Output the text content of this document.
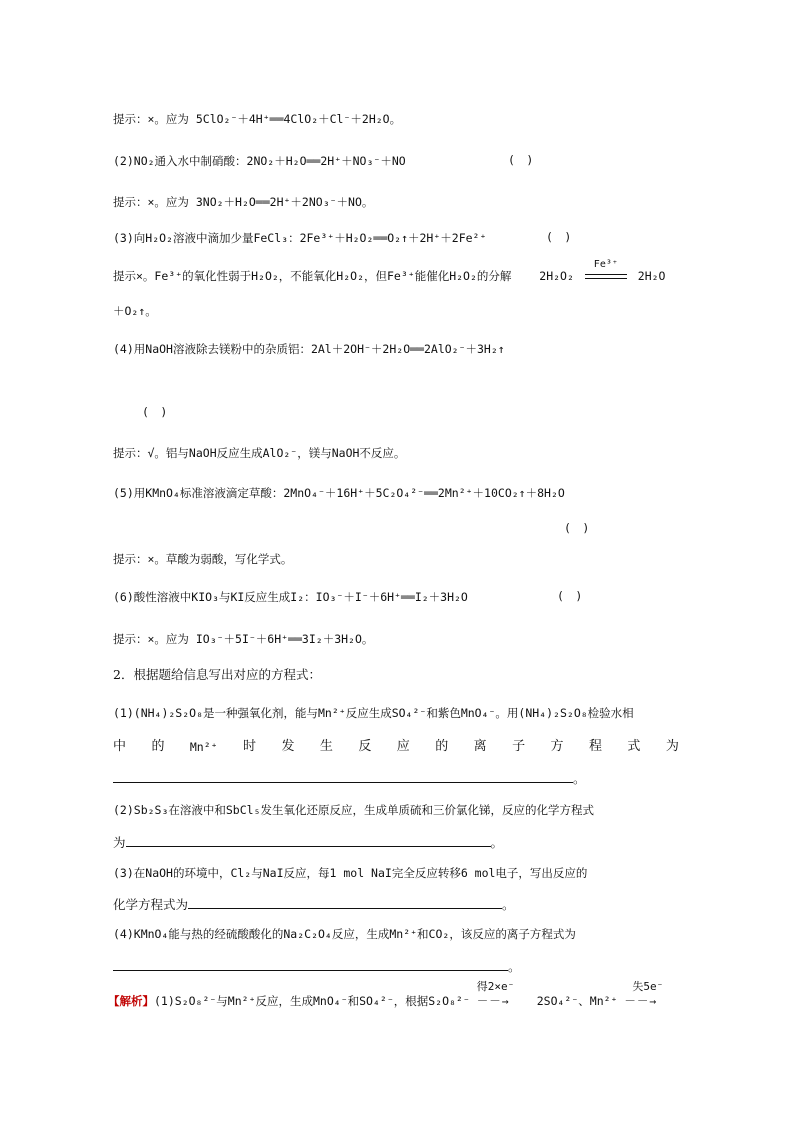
提示：×。应为 5ClO₂⁻＋4H⁺══4ClO₂＋Cl⁻＋2H₂O。
(2)NO₂通入水中制硝酸：2NO₂＋H₂O══2H⁺＋NO₃⁻＋NO	(　)
提示：×。应为 3NO₂＋H₂O══2H⁺＋2NO₃⁻＋NO。
(3)向H₂O₂溶液中滴加少量FeCl₃：2Fe³⁺＋H₂O₂══O₂↑＋2H⁺＋2Fe²⁺	(　)
提示×。Fe³⁺的氧化性弱于H₂O₂，不能氧化H₂O₂，但Fe³⁺能催化H₂O₂的分解 2H₂O₂
Fe³⁺
2H₂O
＋O₂↑。
(4)用NaOH溶液除去镁粉中的杂质铝：2Al＋2OH⁻＋2H₂O══2AlO₂⁻＋3H₂↑
(　)
提示：√。铝与NaOH反应生成AlO₂⁻，镁与NaOH不反应。
(5)用KMnO₄标准溶液滴定草酸：2MnO₄⁻＋16H⁺＋5C₂O₄²⁻══2Mn²⁺＋10CO₂↑＋8H₂O
(　)
提示：×。草酸为弱酸，写化学式。
(6)酸性溶液中KIO₃与KI反应生成I₂：IO₃⁻＋I⁻＋6H⁺══I₂＋3H₂O	(　)
提示：×。应为 IO₃⁻＋5I⁻＋6H⁺══3I₂＋3H₂O。
2．根据题给信息写出对应的方程式：
(1)(NH₄)₂S₂O₈是一种强氧化剂，能与Mn²⁺反应生成SO₄²⁻和紫色MnO₄⁻。用(NH₄)₂S₂O₈检验水相
中 的 Mn²⁺ 时 发 生 反 应 的 离 子 方 程 式 为
。
(2)Sb₂S₃在溶液中和SbCl₅发生氧化还原反应，生成单质硫和三价氯化锑，反应的化学方程式
为	。
(3)在NaOH的环境中，Cl₂与NaI反应，每1 mol NaI完全反应转移6 mol电子，写出反应的
化学方程式为	。
(4)KMnO₄能与热的经硫酸酸化的Na₂C₂O₄反应，生成Mn²⁺和CO₂，该反应的离子方程式为
。
【解析】(1)S₂O₈²⁻与Mn²⁺反应，生成MnO₄⁻和SO₄²⁻，根据S₂O₈²⁻
得2×e⁻
－－→ 2SO₄²⁻、Mn²⁺
失5e⁻
－－→
